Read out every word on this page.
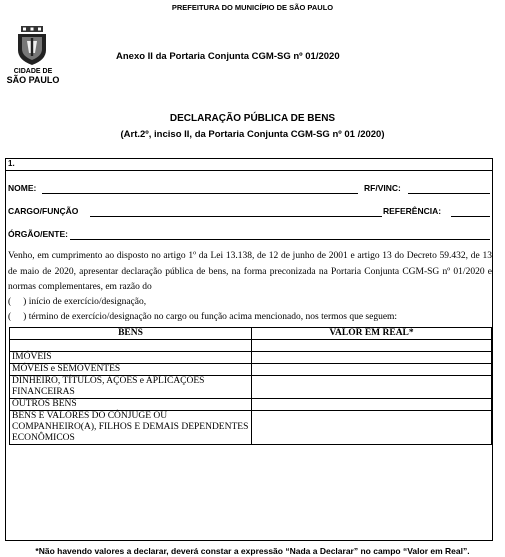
PREFEITURA DO MUNICÍPIO DE SÃO PAULO
CIDADE DE
SÃO PAULO
Anexo II da Portaria Conjunta CGM-SG nº 01/2020
DECLARAÇÃO PÚBLICA DE BENS
(Art.2º, inciso II, da Portaria Conjunta CGM-SG nº 01 /2020)
1.
NOME:	RF/VINC:
CARGO/FUNÇÃO	REFERÊNCIA:
ÓRGÃO/ENTE:
Venho, em cumprimento ao disposto no artigo 1º da Lei 13.138, de 12 de junho de 2001 e artigo 13 do Decreto 59.432, de 13 de maio de 2020, apresentar declaração pública de bens, na forma preconizada na Portaria Conjunta CGM-SG nº 01/2020 e normas complementares, em razão do
( ) início de exercício/designação,
( ) término de exercício/designação no cargo ou função acima mencionado, nos termos que seguem:
BENS	VALOR EM REAL*

IMÓVEIS	
MÓVEIS e SEMOVENTES	
DINHEIRO, TÍTULOS, AÇÕES e APLICAÇÕES FINANCEIRAS	
OUTROS BENS	
BENS E VALORES DO CÔNJUGE OU COMPANHEIRO(A), FILHOS E DEMAIS DEPENDENTES ECONÔMICOS	
*Não havendo valores a declarar, deverá constar a expressão “Nada a Declarar” no campo “Valor em Real”.
